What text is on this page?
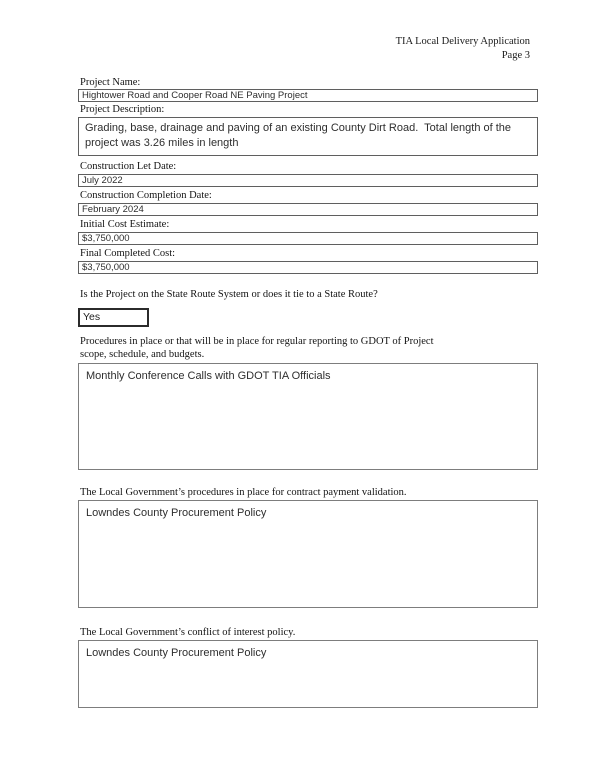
TIA Local Delivery Application
Page 3
Project Name:
Hightower Road and Cooper Road NE Paving Project
Project Description:
Grading, base, drainage and paving of an existing County Dirt Road.  Total length of the project was 3.26 miles in length
Construction Let Date:
July 2022
Construction Completion Date:
February 2024
Initial Cost Estimate:
$3,750,000
Final Completed Cost:
$3,750,000
Is the Project on the State Route System or does it tie to a State Route?
Yes
Procedures in place or that will be in place for regular reporting to GDOT of Project
scope, schedule, and budgets.
Monthly Conference Calls with GDOT TIA Officials
The Local Government’s procedures in place for contract payment validation.
Lowndes County Procurement Policy
The Local Government’s conflict of interest policy.
Lowndes County Procurement Policy
